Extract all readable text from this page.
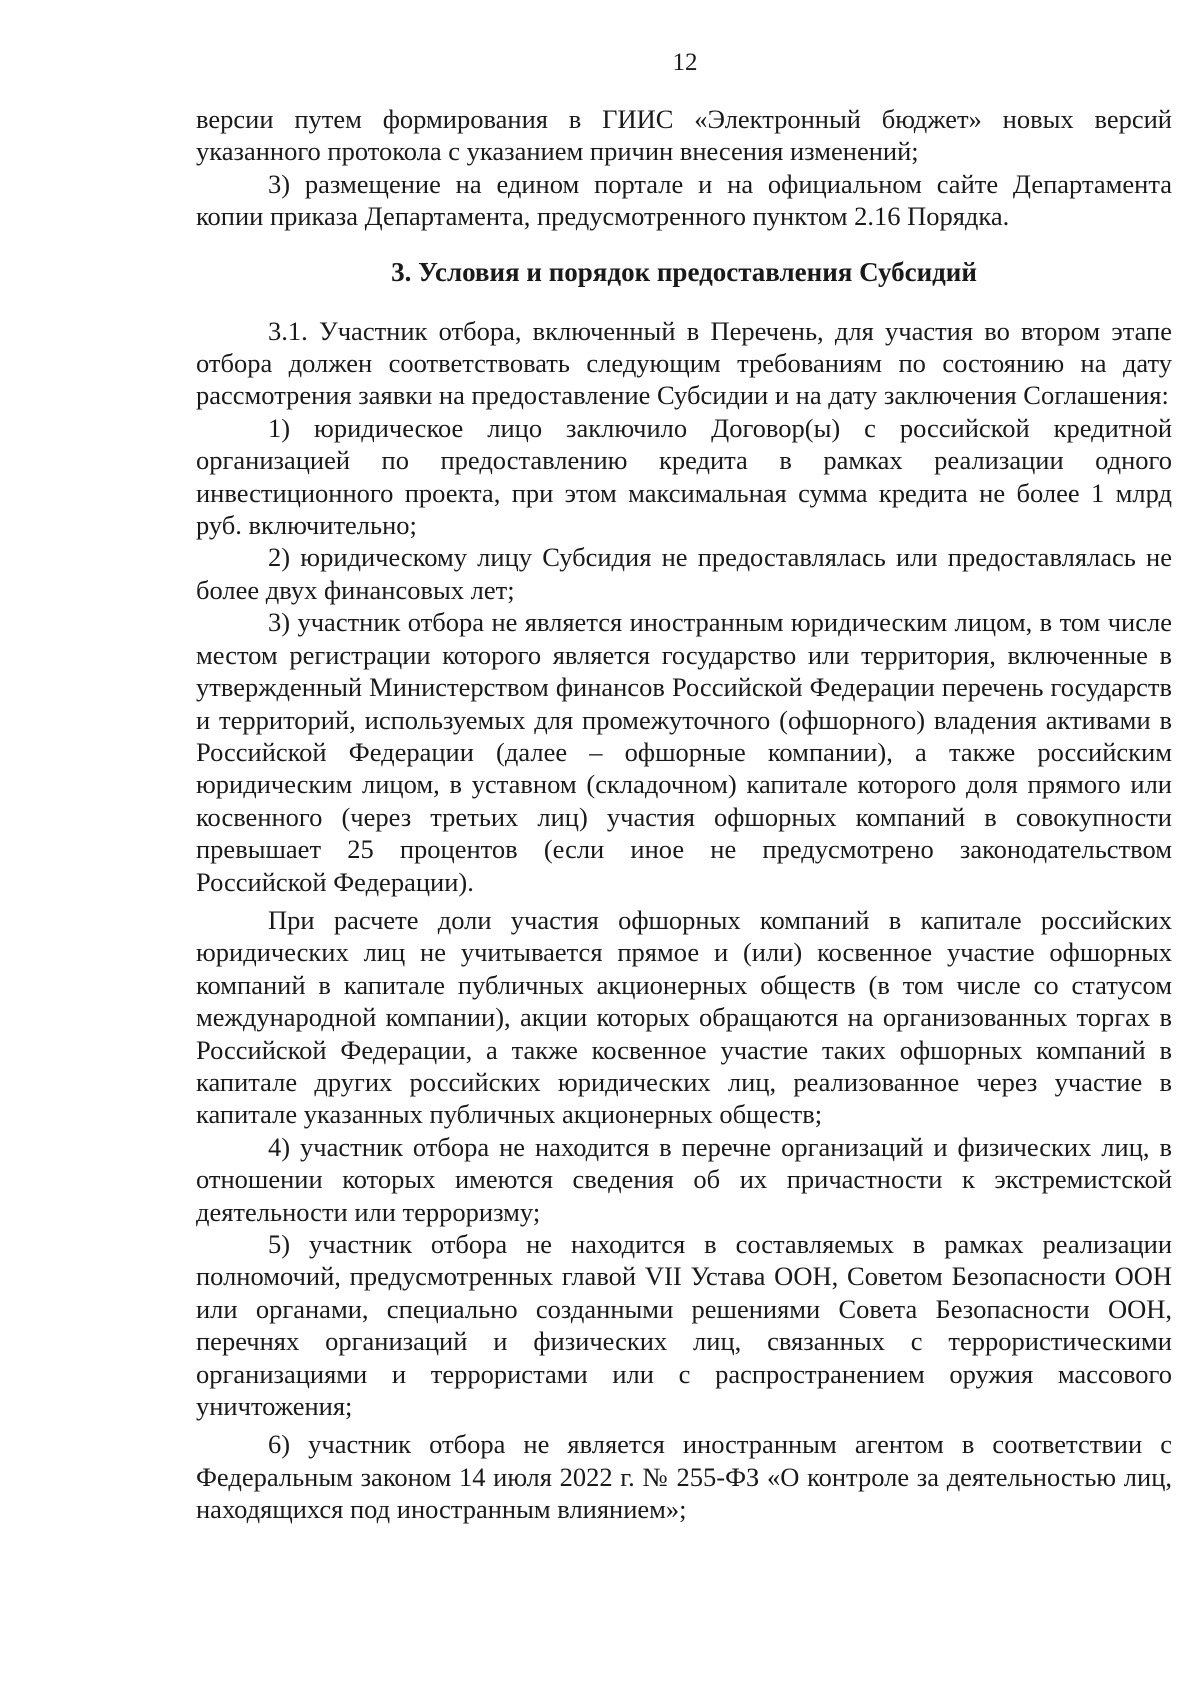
12

версии путем формирования в ГИИС «Электронный бюджет» новых версий указанного протокола с указанием причин внесения изменений;

3) размещение на едином портале и на официальном сайте Департамента копии приказа Департамента, предусмотренного пунктом 2.16 Порядка.

3. Условия и порядок предоставления Субсидий

3.1. Участник отбора, включенный в Перечень, для участия во втором этапе отбора должен соответствовать следующим требованиям по состоянию на дату рассмотрения заявки на предоставление Субсидии и на дату заключения Соглашения:

1) юридическое лицо заключило Договор(ы) с российской кредитной организацией по предоставлению кредита в рамках реализации одного инвестиционного проекта, при этом максимальная сумма кредита не более 1 млрд руб. включительно;

2) юридическому лицу Субсидия не предоставлялась или предоставлялась не более двух финансовых лет;

3) участник отбора не является иностранным юридическим лицом, в том числе местом регистрации которого является государство или территория, включенные в утвержденный Министерством финансов Российской Федерации перечень государств и территорий, используемых для промежуточного (офшорного) владения активами в Российской Федерации (далее – офшорные компании), а также российским юридическим лицом, в уставном (складочном) капитале которого доля прямого или косвенного (через третьих лиц) участия офшорных компаний в совокупности превышает 25 процентов (если иное не предусмотрено законодательством Российской Федерации).

При расчете доли участия офшорных компаний в капитале российских юридических лиц не учитывается прямое и (или) косвенное участие офшорных компаний в капитале публичных акционерных обществ (в том числе со статусом международной компании), акции которых обращаются на организованных торгах в Российской Федерации, а также косвенное участие таких офшорных компаний в капитале других российских юридических лиц, реализованное через участие в капитале указанных публичных акционерных обществ;

4) участник отбора не находится в перечне организаций и физических лиц, в отношении которых имеются сведения об их причастности к экстремистской деятельности или терроризму;

5) участник отбора не находится в составляемых в рамках реализации полномочий, предусмотренных главой VII Устава ООН, Советом Безопасности ООН или органами, специально созданными решениями Совета Безопасности ООН, перечнях организаций и физических лиц, связанных с террористическими организациями и террористами или с распространением оружия массового уничтожения;

6) участник отбора не является иностранным агентом в соответствии с Федеральным законом 14 июля 2022 г. № 255-ФЗ «О контроле за деятельностью лиц, находящихся под иностранным влиянием»;
